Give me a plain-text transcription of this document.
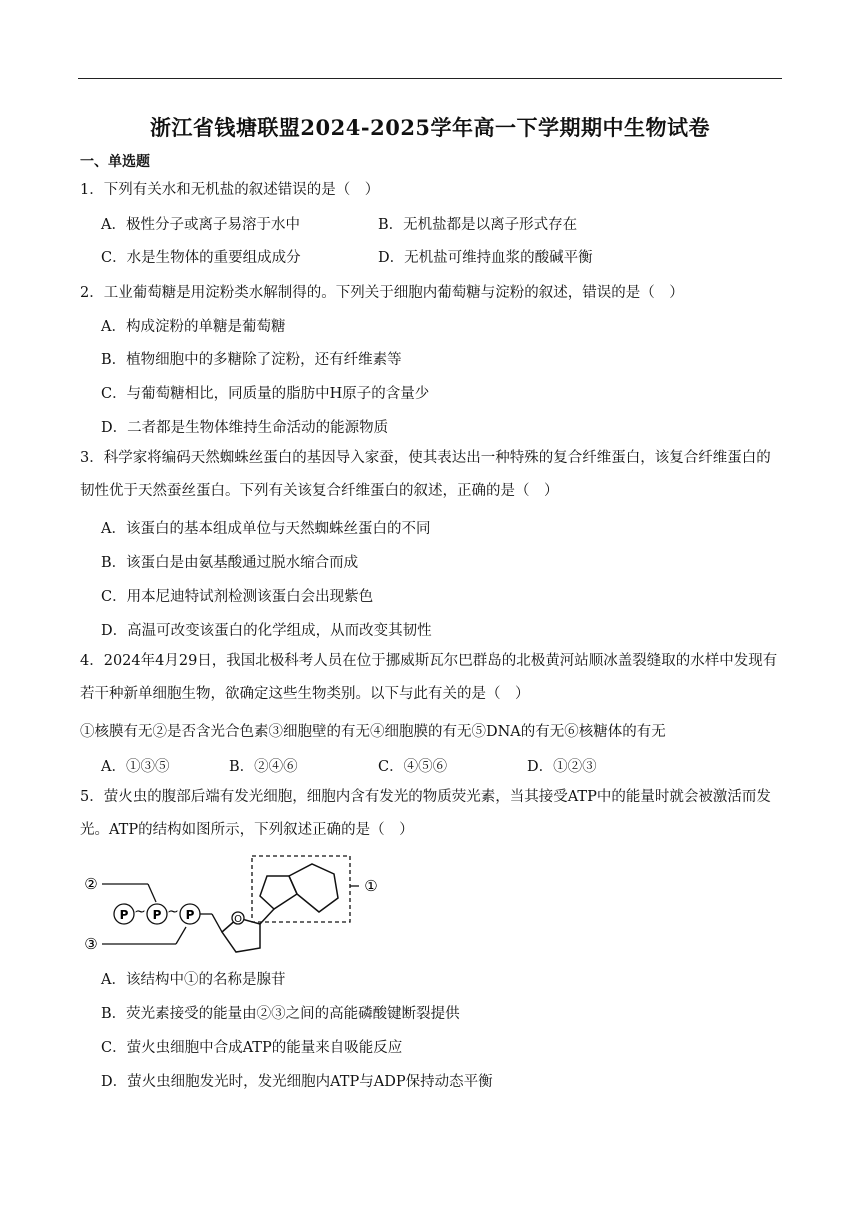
浙江省钱塘联盟2024-2025学年高一下学期期中生物试卷
一、单选题
1．下列有关水和无机盐的叙述错误的是（　）
A．极性分子或离子易溶于水中	B．无机盐都是以离子形式存在
C．水是生物体的重要组成成分	D．无机盐可维持血浆的酸碱平衡
2．工业葡萄糖是用淀粉类水解制得的。下列关于细胞内葡萄糖与淀粉的叙述，错误的是（　）
A．构成淀粉的单糖是葡萄糖
B．植物细胞中的多糖除了淀粉，还有纤维素等
C．与葡萄糖相比，同质量的脂肪中H原子的含量少
D．二者都是生物体维持生命活动的能源物质
3．科学家将编码天然蜘蛛丝蛋白的基因导入家蚕，使其表达出一种特殊的复合纤维蛋白，该复合纤维蛋白的韧性优于天然蚕丝蛋白。下列有关该复合纤维蛋白的叙述，正确的是（　）
A．该蛋白的基本组成单位与天然蜘蛛丝蛋白的不同
B．该蛋白是由氨基酸通过脱水缩合而成
C．用本尼迪特试剂检测该蛋白会出现紫色
D．高温可改变该蛋白的化学组成，从而改变其韧性
4．2024年4月29日，我国北极科考人员在位于挪威斯瓦尔巴群岛的北极黄河站顺冰盖裂缝取的水样中发现有若干种新单细胞生物，欲确定这些生物类别。以下与此有关的是（　）
①核膜有无②是否含光合色素③细胞壁的有无④细胞膜的有无⑤DNA的有无⑥核糖体的有无
A．①③⑤	B．②④⑥	C．④⑤⑥	D．①②③
5．萤火虫的腹部后端有发光细胞，细胞内含有发光的物质荧光素，当其接受ATP中的能量时就会被激活而发光。ATP的结构如图所示，下列叙述正确的是（　）
②
③
P ~ P ~ P	O
①
A．该结构中①的名称是腺苷
B．荧光素接受的能量由②③之间的高能磷酸键断裂提供
C．萤火虫细胞中合成ATP的能量来自吸能反应
D．萤火虫细胞发光时，发光细胞内ATP与ADP保持动态平衡
